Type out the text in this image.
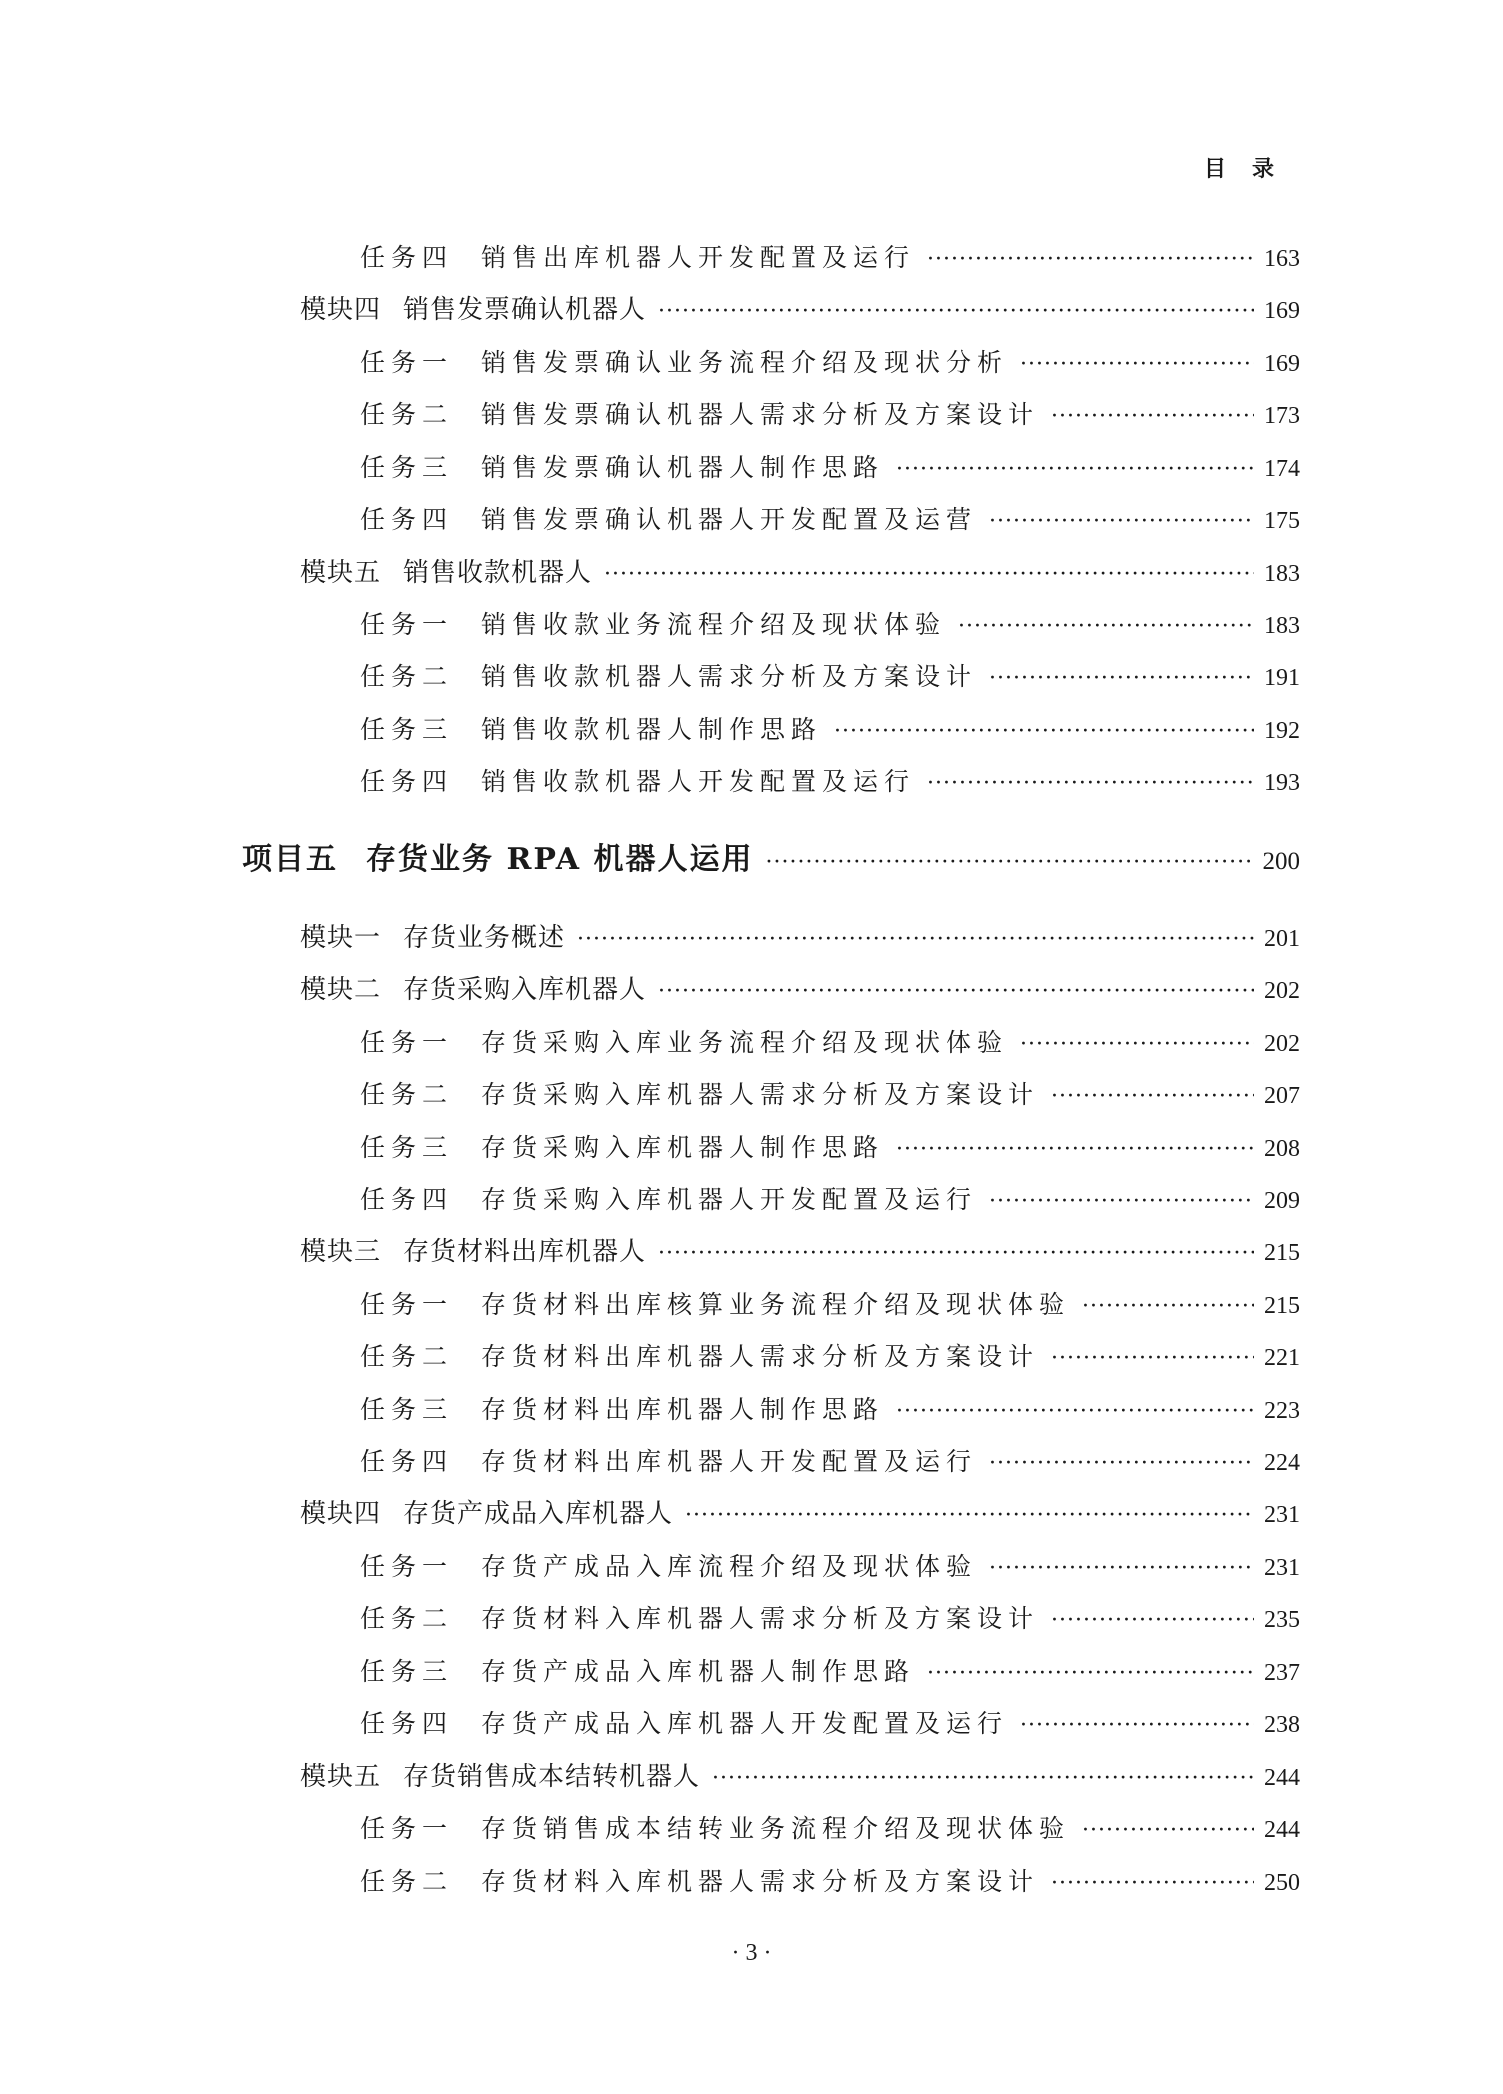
目录
任务四 销售出库机器人开发配置及运行 ·····	163
模块四 销售发票确认机器人 ·····	169
任务一 销售发票确认业务流程介绍及现状分析 ·····	169
任务二 销售发票确认机器人需求分析及方案设计 ·····	173
任务三 销售发票确认机器人制作思路 ·····	174
任务四 销售发票确认机器人开发配置及运营 ·····	175
模块五 销售收款机器人 ·····	183
任务一 销售收款业务流程介绍及现状体验 ·····	183
任务二 销售收款机器人需求分析及方案设计 ·····	191
任务三 销售收款机器人制作思路 ·····	192
任务四 销售收款机器人开发配置及运行 ·····	193
项目五 存货业务 RPA 机器人运用 ·····	200
模块一 存货业务概述 ·····	201
模块二 存货采购入库机器人 ·····	202
任务一 存货采购入库业务流程介绍及现状体验 ·····	202
任务二 存货采购入库机器人需求分析及方案设计 ·····	207
任务三 存货采购入库机器人制作思路 ·····	208
任务四 存货采购入库机器人开发配置及运行 ·····	209
模块三 存货材料出库机器人 ·····	215
任务一 存货材料出库核算业务流程介绍及现状体验 ·····	215
任务二 存货材料出库机器人需求分析及方案设计 ·····	221
任务三 存货材料出库机器人制作思路 ·····	223
任务四 存货材料出库机器人开发配置及运行 ·····	224
模块四 存货产成品入库机器人 ·····	231
任务一 存货产成品入库流程介绍及现状体验 ·····	231
任务二 存货材料入库机器人需求分析及方案设计 ·····	235
任务三 存货产成品入库机器人制作思路 ·····	237
任务四 存货产成品入库机器人开发配置及运行 ·····	238
模块五 存货销售成本结转机器人 ·····	244
任务一 存货销售成本结转业务流程介绍及现状体验 ·····	244
任务二 存货材料入库机器人需求分析及方案设计 ·····	250
· 3 ·
